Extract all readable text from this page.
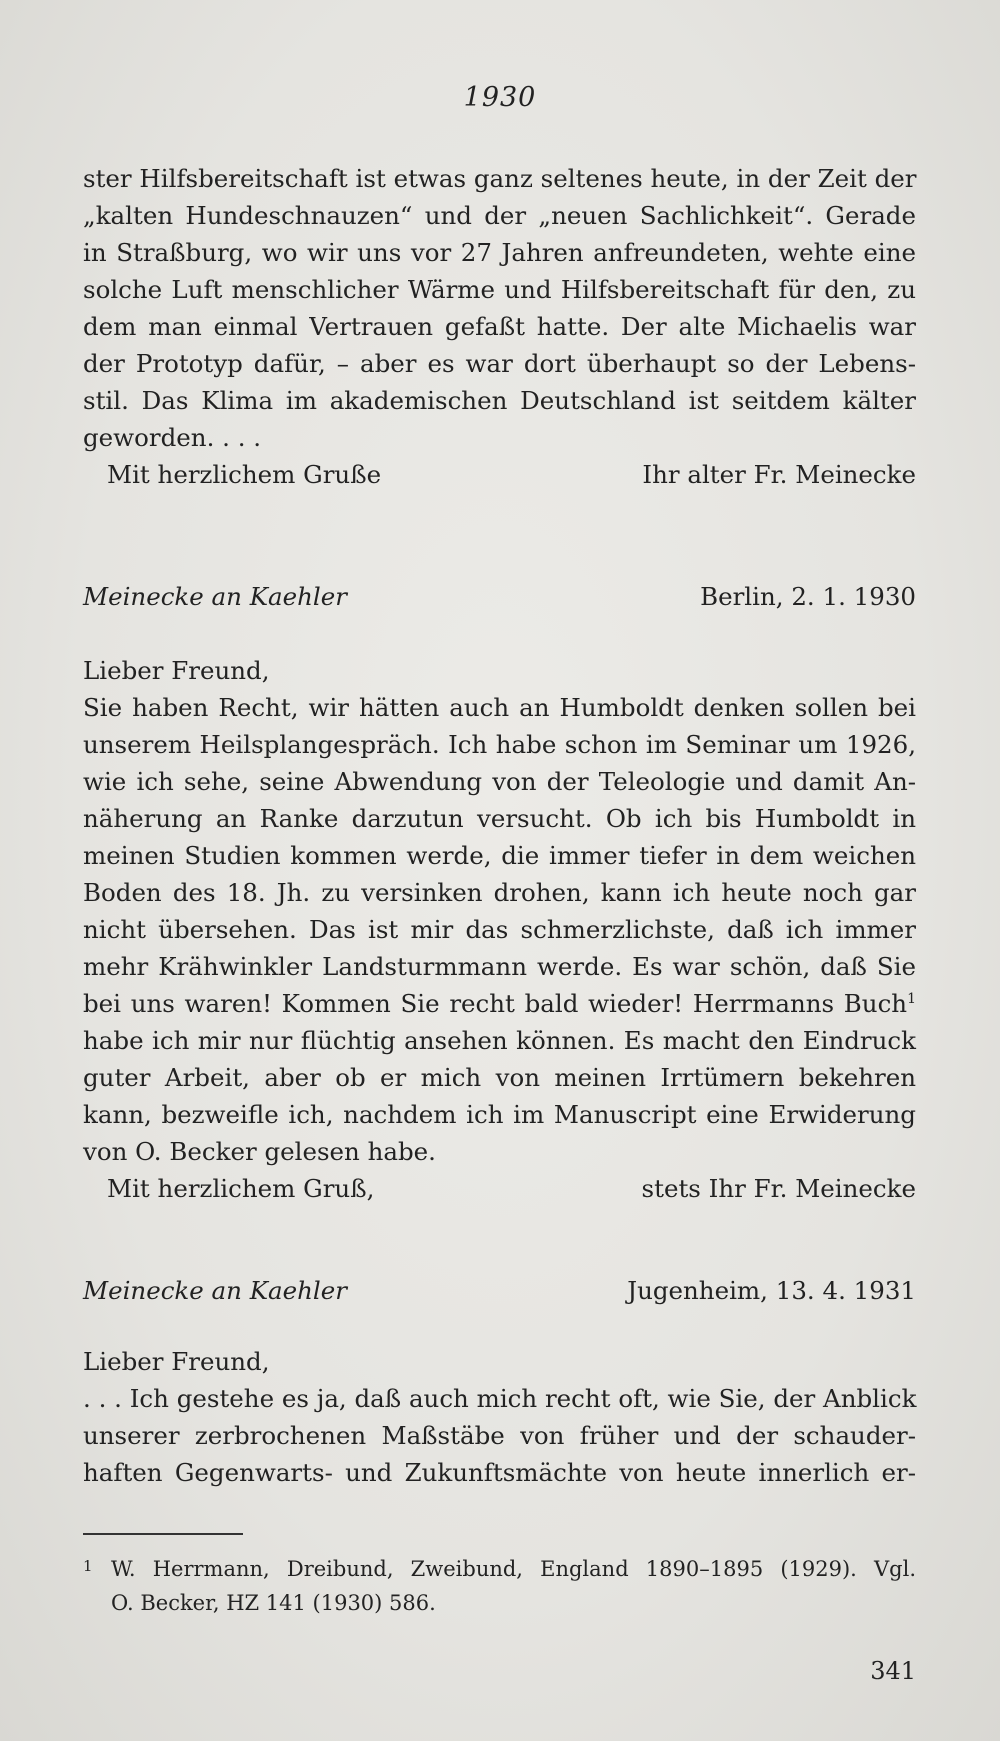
1930
ster Hilfsbereitschaft ist etwas ganz seltenes heute, in der Zeit der
„kalten Hundeschnauzen“ und der „neuen Sachlichkeit“. Gerade
in Straßburg, wo wir uns vor 27 Jahren anfreundeten, wehte eine
solche Luft menschlicher Wärme und Hilfsbereitschaft für den, zu
dem man einmal Vertrauen gefaßt hatte. Der alte Michaelis war
der Prototyp dafür, – aber es war dort überhaupt so der Lebens-
stil. Das Klima im akademischen Deutschland ist seitdem kälter
geworden. . . .
Mit herzlichem Gruße	Ihr alter Fr. Meinecke
Meinecke an Kaehler	Berlin, 2. 1. 1930
Lieber Freund,
Sie haben Recht, wir hätten auch an Humboldt denken sollen bei
unserem Heilsplangespräch. Ich habe schon im Seminar um 1926,
wie ich sehe, seine Abwendung von der Teleologie und damit An-
näherung an Ranke darzutun versucht. Ob ich bis Humboldt in
meinen Studien kommen werde, die immer tiefer in dem weichen
Boden des 18. Jh. zu versinken drohen, kann ich heute noch gar
nicht übersehen. Das ist mir das schmerzlichste, daß ich immer
mehr Krähwinkler Landsturmmann werde. Es war schön, daß Sie
bei uns waren! Kommen Sie recht bald wieder! Herrmanns Buch$^1$
habe ich mir nur flüchtig ansehen können. Es macht den Eindruck
guter Arbeit, aber ob er mich von meinen Irrtümern bekehren
kann, bezweifle ich, nachdem ich im Manuscript eine Erwiderung
von O. Becker gelesen habe.
Mit herzlichem Gruß,	stets Ihr Fr. Meinecke
Meinecke an Kaehler	Jugenheim, 13. 4. 1931
Lieber Freund,
. . . Ich gestehe es ja, daß auch mich recht oft, wie Sie, der Anblick
unserer zerbrochenen Maßstäbe von früher und der schauder-
haften Gegenwarts- und Zukunftsmächte von heute innerlich er-
1 W. Herrmann, Dreibund, Zweibund, England 1890–1895 (1929). Vgl.
O. Becker, HZ 141 (1930) 586.
341
